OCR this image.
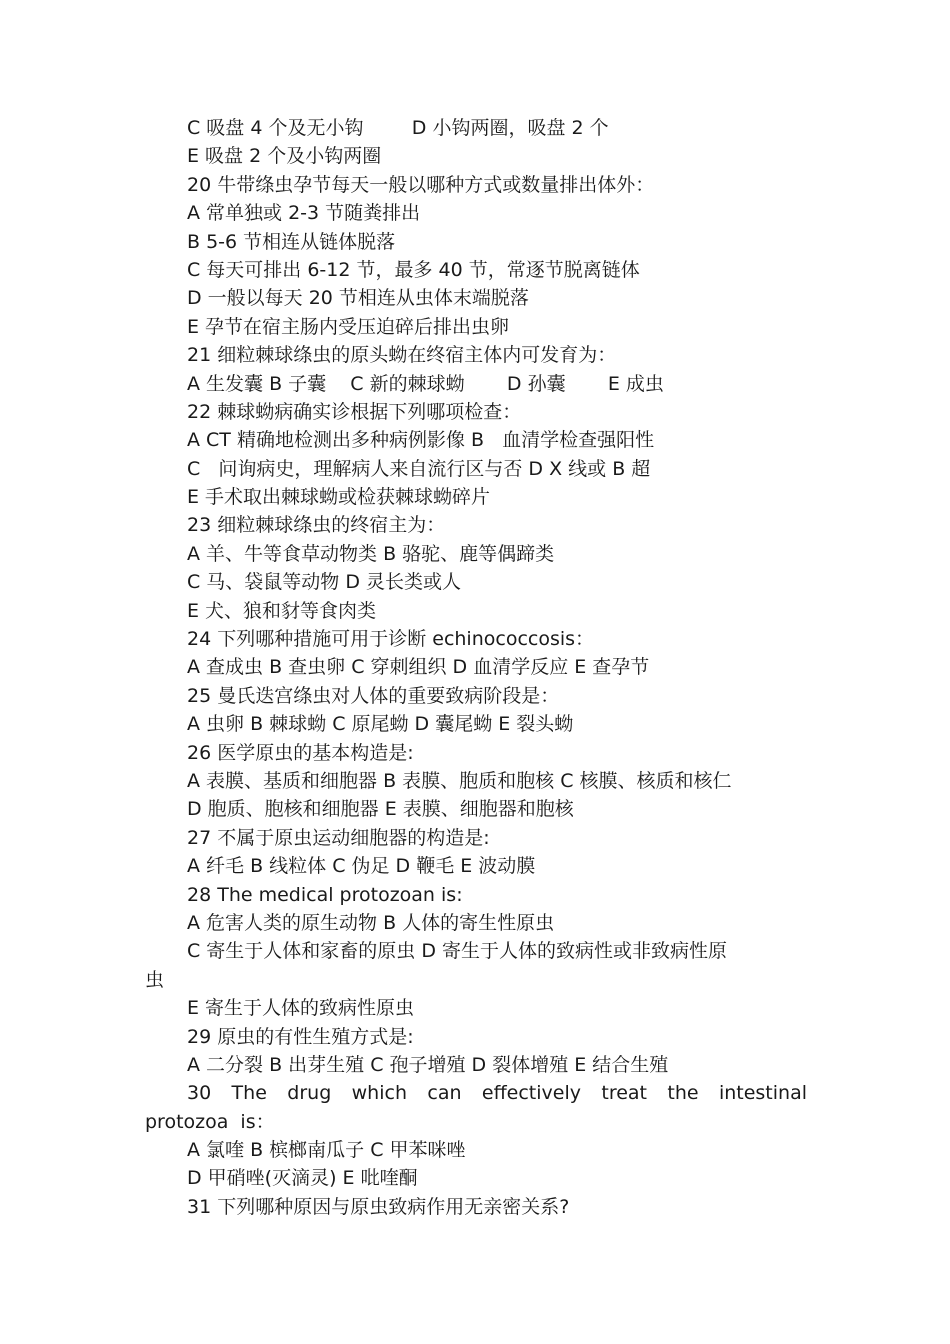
C 吸盘 4 个及无小钩        D 小钩两圈，吸盘 2 个
E 吸盘 2 个及小钩两圈
20 牛带绦虫孕节每天一般以哪种方式或数量排出体外：
A 常单独或 2-3 节随粪排出
B 5-6 节相连从链体脱落
C 每天可排出 6-12 节，最多 40 节，常逐节脱离链体
D 一般以每天 20 节相连从虫体末端脱落
E 孕节在宿主肠内受压迫碎后排出虫卵
21 细粒棘球绦虫的原头蚴在终宿主体内可发育为：
A 生发囊 B 子囊    C 新的棘球蚴       D 孙囊       E 成虫
22 棘球蚴病确实诊根据下列哪项检查：
A CT 精确地检测出多种病例影像 B   血清学检查强阳性
C   问询病史，理解病人来自流行区与否 D X 线或 B 超
E 手术取出棘球蚴或检获棘球蚴碎片
23 细粒棘球绦虫的终宿主为：
A 羊、牛等食草动物类 B 骆驼、鹿等偶蹄类
C 马、袋鼠等动物 D 灵长类或人
E 犬、狼和豺等食肉类
24 下列哪种措施可用于诊断 echinococcosis：
A 查成虫 B 查虫卵 C 穿刺组织 D 血清学反应 E 查孕节
25 曼氏迭宫绦虫对人体的重要致病阶段是：
A 虫卵 B 棘球蚴 C 原尾蚴 D 囊尾蚴 E 裂头蚴
26 医学原虫的基本构造是:
A 表膜、基质和细胞器 B 表膜、胞质和胞核 C 核膜、核质和核仁
D 胞质、胞核和细胞器 E 表膜、细胞器和胞核
27 不属于原虫运动细胞器的构造是:
A 纤毛 B 线粒体 C 伪足 D 鞭毛 E 波动膜
28 The medical protozoan is:
A 危害人类的原生动物 B 人体的寄生性原虫
C 寄生于人体和家畜的原虫 D 寄生于人体的致病性或非致病性原
虫
E 寄生于人体的致病性原虫
29 原虫的有性生殖方式是:
A 二分裂 B 出芽生殖 C 孢子增殖 D 裂体增殖 E 结合生殖
30 The drug which can effectively treat the intestinal protozoa is：
A 氯喹 B 槟榔南瓜子 C 甲苯咪唑
D 甲硝唑(灭滴灵) E 吡喹酮
31 下列哪种原因与原虫致病作用无亲密关系?
